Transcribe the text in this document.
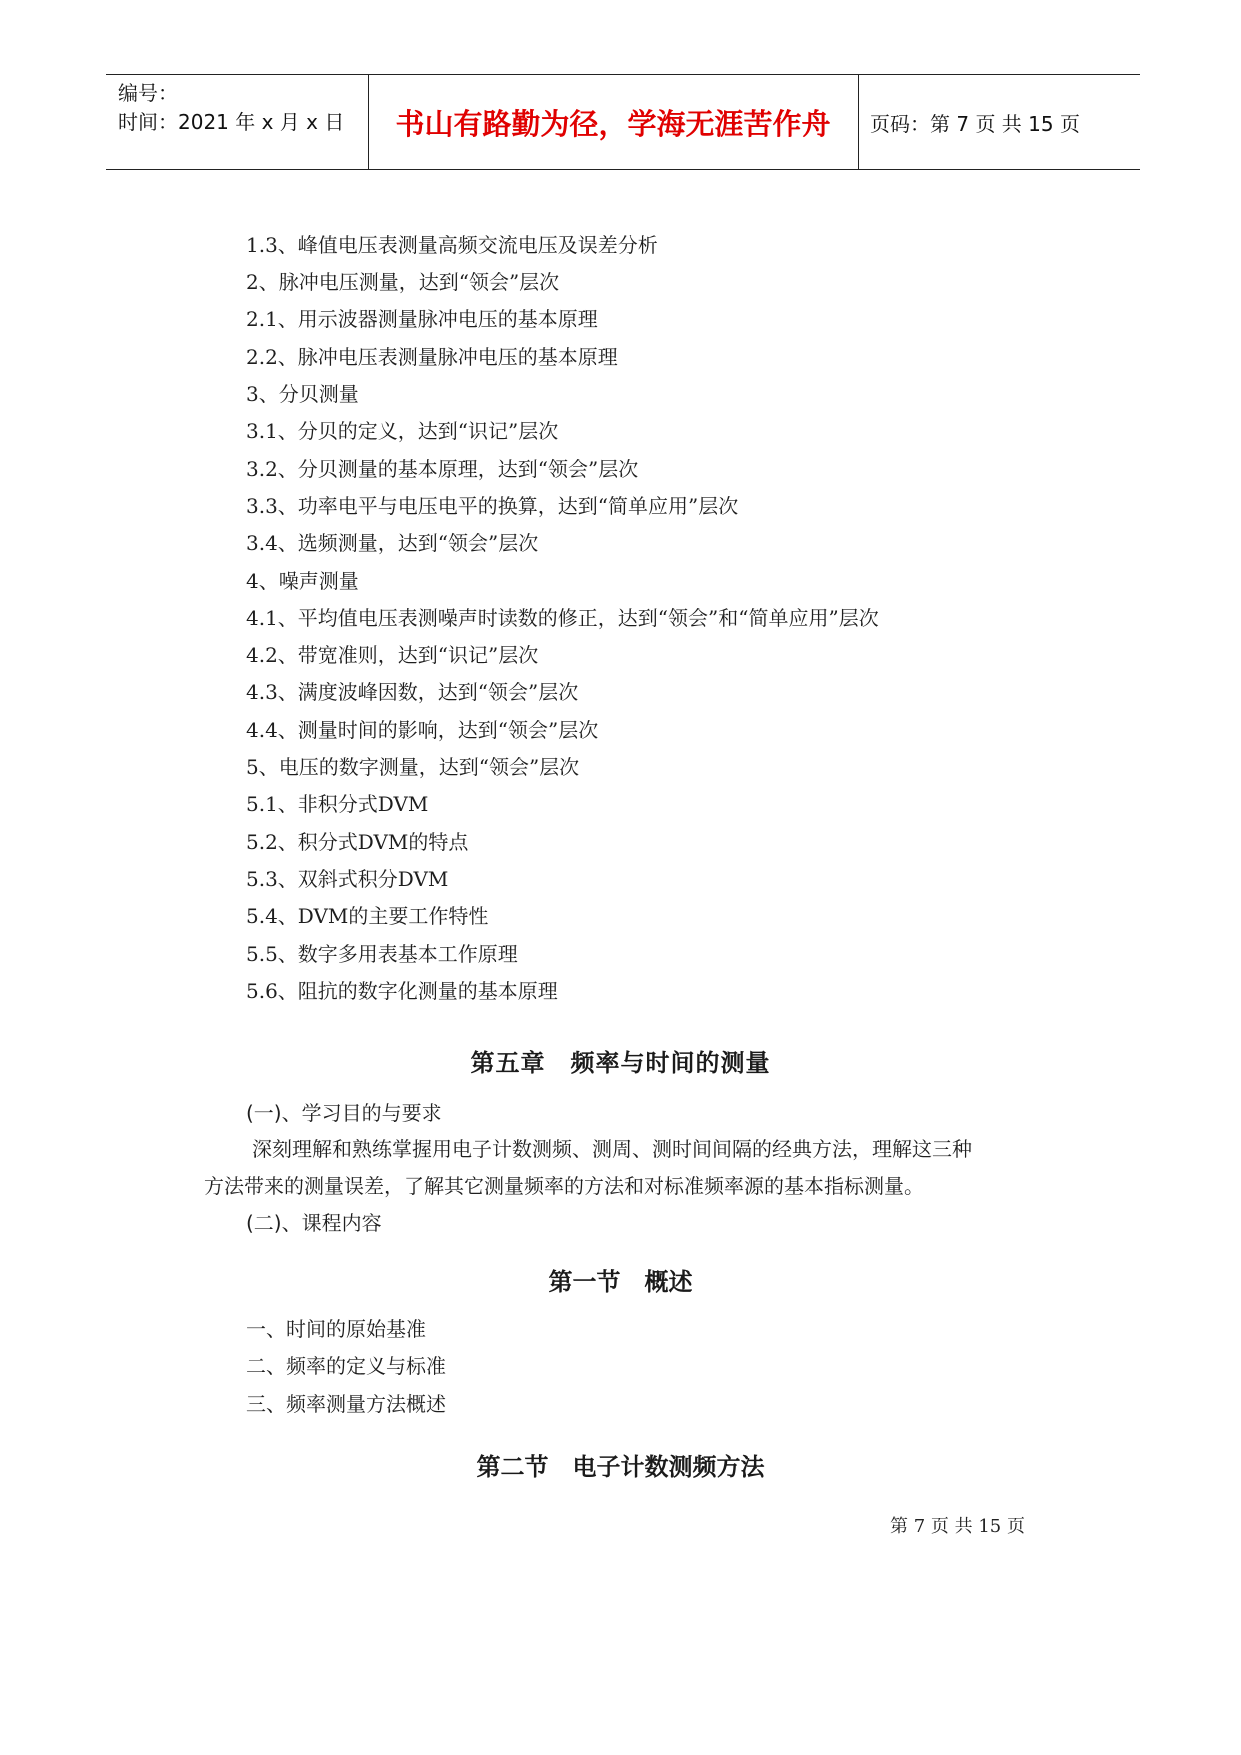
编号：
时间：2021 年 x 月 x 日	书山有路勤为径，学海无涯苦作舟	页码：第 7 页 共 15 页
1.3、峰值电压表测量高频交流电压及误差分析
2、脉冲电压测量，达到“领会”层次
2.1、用示波器测量脉冲电压的基本原理
2.2、脉冲电压表测量脉冲电压的基本原理
3、分贝测量
3.1、分贝的定义，达到“识记”层次
3.2、分贝测量的基本原理，达到“领会”层次
3.3、功率电平与电压电平的换算，达到“简单应用”层次
3.4、选频测量，达到“领会”层次
4、噪声测量
4.1、平均值电压表测噪声时读数的修正，达到“领会”和“简单应用”层次
4.2、带宽准则，达到“识记”层次
4.3、满度波峰因数，达到“领会”层次
4.4、测量时间的影响，达到“领会”层次
5、电压的数字测量，达到“领会”层次
5.1、非积分式DVM
5.2、积分式DVM的特点
5.3、双斜式积分DVM
5.4、DVM的主要工作特性
5.5、数字多用表基本工作原理
5.6、阻抗的数字化测量的基本原理
第五章　频率与时间的测量
(一)、学习目的与要求
深刻理解和熟练掌握用电子计数测频、测周、测时间间隔的经典方法，理解这三种
方法带来的测量误差，了解其它测量频率的方法和对标准频率源的基本指标测量。
(二)、课程内容
第一节　概述
一、时间的原始基准
二、频率的定义与标准
三、频率测量方法概述
第二节　电子计数测频方法
第 7 页 共 15 页
